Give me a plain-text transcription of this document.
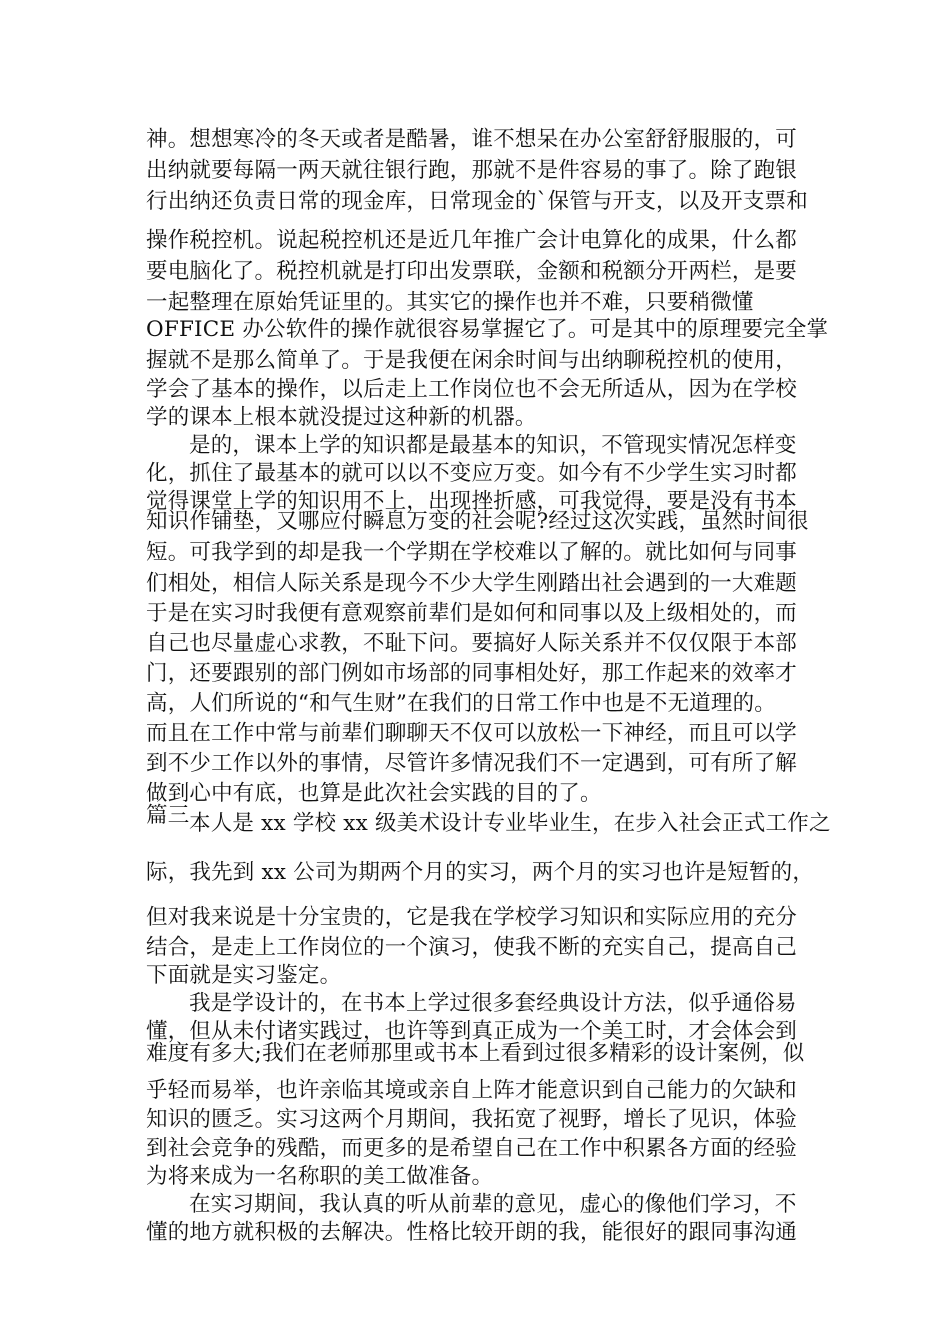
神。想想寒冷的冬天或者是酷暑，谁不想呆在办公室舒舒服服的，可
出纳就要每隔一两天就往银行跑，那就不是件容易的事了。除了跑银
行出纳还负责日常的现金库，日常现金的`保管与开支，以及开支票和
操作税控机。说起税控机还是近几年推广会计电算化的成果，什么都
要电脑化了。税控机就是打印出发票联，金额和税额分开两栏，是要
一起整理在原始凭证里的。其实它的操作也并不难，只要稍微懂
OFFICE 办公软件的操作就很容易掌握它了。可是其中的原理要完全掌
握就不是那么简单了。于是我便在闲余时间与出纳聊税控机的使用，
学会了基本的操作，以后走上工作岗位也不会无所适从，因为在学校
学的课本上根本就没提过这种新的机器。
是的，课本上学的知识都是最基本的知识，不管现实情况怎样变
化，抓住了最基本的就可以以不变应万变。如今有不少学生实习时都
觉得课堂上学的知识用不上，出现挫折感，可我觉得，要是没有书本
知识作铺垫，又哪应付瞬息万变的社会呢?经过这次实践，虽然时间很
短。可我学到的却是我一个学期在学校难以了解的。就比如何与同事
们相处，相信人际关系是现今不少大学生刚踏出社会遇到的一大难题
于是在实习时我便有意观察前辈们是如何和同事以及上级相处的，而
自己也尽量虚心求教，不耻下问。要搞好人际关系并不仅仅限于本部
门，还要跟别的部门例如市场部的同事相处好，那工作起来的效率才
高，人们所说的“和气生财”在我们的日常工作中也是不无道理的。
而且在工作中常与前辈们聊聊天不仅可以放松一下神经，而且可以学
到不少工作以外的事情，尽管许多情况我们不一定遇到，可有所了解
做到心中有底，也算是此次社会实践的目的了。
篇三 本人是 xx 学校 xx 级美术设计专业毕业生，在步入社会正式工作之
际，我先到 xx 公司为期两个月的实习，两个月的实习也许是短暂的，
但对我来说是十分宝贵的，它是我在学校学习知识和实际应用的充分
结合，是走上工作岗位的一个演习，使我不断的充实自己，提高自己
下面就是实习鉴定。
我是学设计的，在书本上学过很多套经典设计方法，似乎通俗易
懂，但从未付诸实践过，也许等到真正成为一个美工时，才会体会到
难度有多大;我们在老师那里或书本上看到过很多精彩的设计案例，似
乎轻而易举，也许亲临其境或亲自上阵才能意识到自己能力的欠缺和
知识的匮乏。实习这两个月期间，我拓宽了视野，增长了见识，体验
到社会竞争的残酷，而更多的是希望自己在工作中积累各方面的经验
为将来成为一名称职的美工做准备。
在实习期间，我认真的听从前辈的意见，虚心的像他们学习，不
懂的地方就积极的去解决。性格比较开朗的我，能很好的跟同事沟通
